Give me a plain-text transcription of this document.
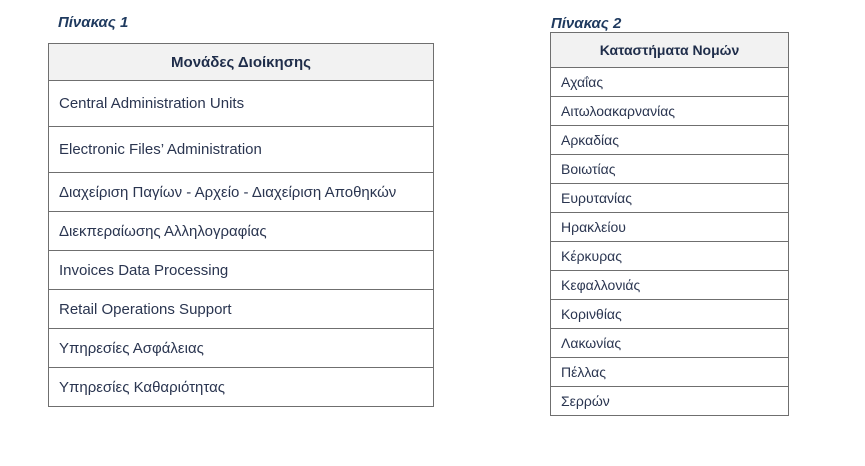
Πίνακας 1
Μονάδες Διοίκησης
Central Administration Units
Electronic Files’ Administration
Διαχείριση Παγίων - Αρχείο - Διαχείριση Αποθηκών
Διεκπεραίωσης Αλληλογραφίας
Invoices Data Processing
Retail Operations Support
Υπηρεσίες Ασφάλειας
Υπηρεσίες Καθαριότητας
Πίνακας 2
Καταστήματα Νομών
Αχαΐας
Αιτωλοακαρνανίας
Αρκαδίας
Βοιωτίας
Ευρυτανίας
Ηρακλείου
Κέρκυρας
Κεφαλλονιάς
Κορινθίας
Λακωνίας
Πέλλας
Σερρών
